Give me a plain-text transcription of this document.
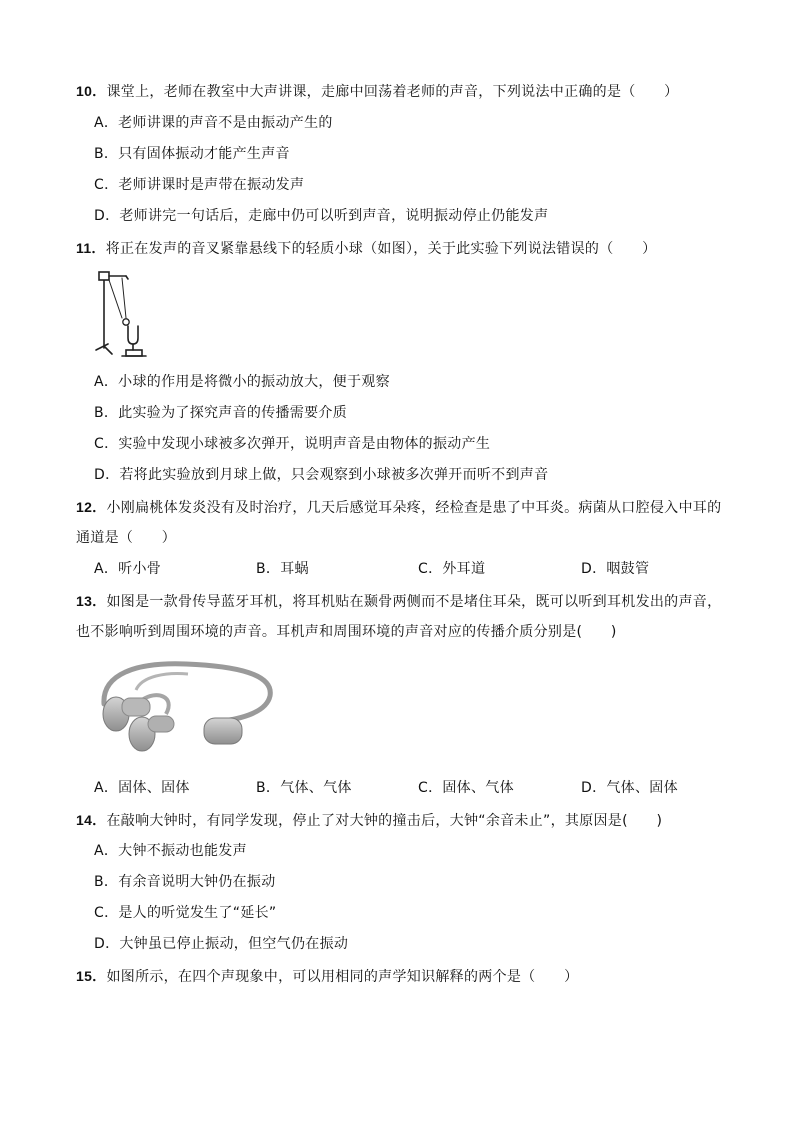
10．课堂上，老师在教室中大声讲课，走廊中回荡着老师的声音，下列说法中正确的是（　　）
A．老师讲课的声音不是由振动产生的
B．只有固体振动才能产生声音
C．老师讲课时是声带在振动发声
D．老师讲完一句话后，走廊中仍可以听到声音，说明振动停止仍能发声
11．将正在发声的音叉紧靠悬线下的轻质小球（如图），关于此实验下列说法错误的（　　）
A．小球的作用是将微小的振动放大，便于观察
B．此实验为了探究声音的传播需要介质
C．实验中发现小球被多次弹开，说明声音是由物体的振动产生
D．若将此实验放到月球上做，只会观察到小球被多次弹开而听不到声音
12．小刚扁桃体发炎没有及时治疗，几天后感觉耳朵疼，经检查是患了中耳炎。病菌从口腔侵入中耳的
通道是（　　）
A．听小骨	B．耳蜗	C．外耳道	D．咽鼓管
13．如图是一款骨传导蓝牙耳机，将耳机贴在颞骨两侧而不是堵住耳朵，既可以听到耳机发出的声音，
也不影响听到周围环境的声音。耳机声和周围环境的声音对应的传播介质分别是(　　)
A．固体、固体	B．气体、气体	C．固体、气体	D．气体、固体
14．在敲响大钟时，有同学发现，停止了对大钟的撞击后，大钟“余音未止”，其原因是(　　)
A．大钟不振动也能发声
B．有余音说明大钟仍在振动
C．是人的听觉发生了“延长”
D．大钟虽已停止振动，但空气仍在振动
15．如图所示，在四个声现象中，可以用相同的声学知识解释的两个是（　　）
